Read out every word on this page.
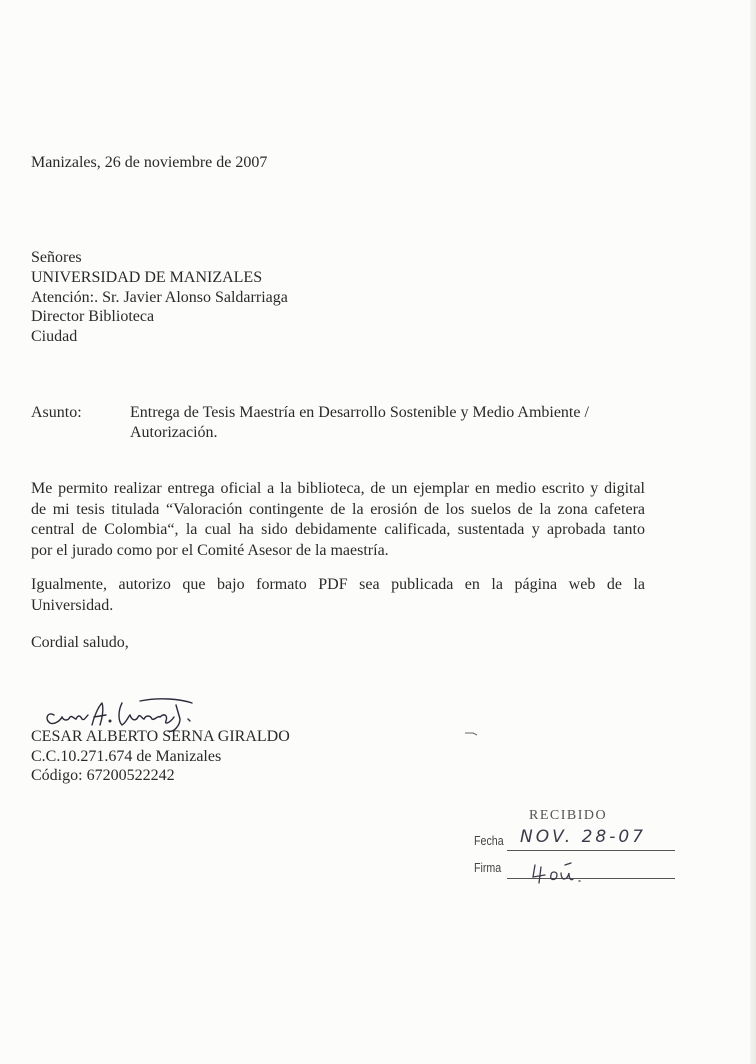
Manizales, 26 de noviembre de 2007
Señores
UNIVERSIDAD DE MANIZALES
Atención:. Sr. Javier Alonso Saldarriaga
Director Biblioteca
Ciudad
Asunto:	Entrega de Tesis Maestría en Desarrollo Sostenible y Medio Ambiente /
Autorización.
Me permito realizar entrega oficial a la biblioteca, de un ejemplar en medio escrito y digital
de mi tesis titulada “Valoración contingente de la erosión de los suelos de la zona cafetera
central de Colombia“, la cual ha sido debidamente calificada, sustentada y aprobada tanto
por el jurado como por el Comité Asesor de la maestría.
Igualmente, autorizo que bajo formato PDF sea publicada en la página web de la
Universidad.
Cordial saludo,
CESAR ALBERTO SERNA GIRALDO
C.C.10.271.674 de Manizales
Código: 67200522242
RECIBIDO
Fecha NOV. 28-07
Firma
